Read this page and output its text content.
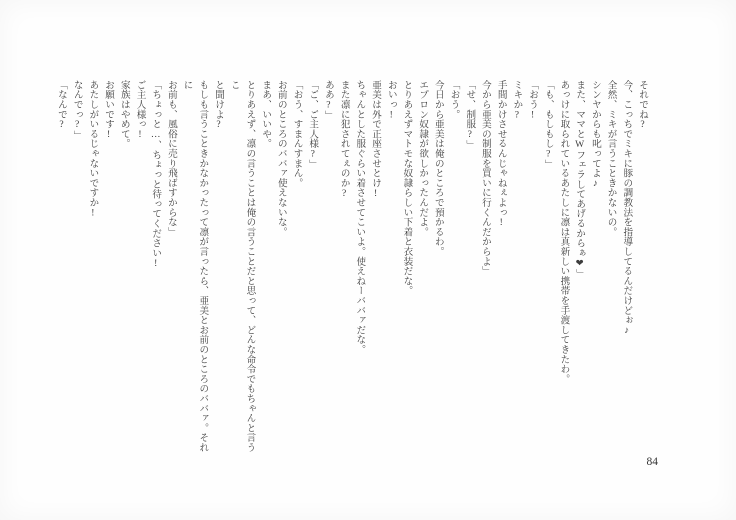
それでね?

今、こっちでミキに豚の調教法を指導してるんだけどぉ♪

全然、ミキが言うこときかないの。

シンヤからも叱ってよ♪

また、ママとWフェラしてあげるからぁ❤」

あっけに取られているあたしに凛は真新しい携帯を手渡してきたわ。

「も、もしもし?」

「おう!

ミキか?

手間かけさせるんじゃねぇよっ!

今から亜美の制服を買いに行くんだからよ」

「せ、制服?」

「おう。

今日から亜美は俺のところで預かるわ。

エプロン奴隷が欲しかったんだよ。

とりあえずマトモな奴隷らしい下着と衣装だな。

おいっ!

亜美は外で正座させとけ!

ちゃんとした服ぐらい着させてこいよ。使えねーババァだな。

また凛に犯されてぇのか?

ああ?」

「ご、ご主人様?」

「おう、すまんすまん。

お前のところのババァ使えないな。

まあ、いいや。

とりあえず、凛の言うことは俺の言うことだと思って、どんな命令でもちゃんと言うこ

と聞けよ?

もしも言うこときかなかったって凛が言ったら、亜美とお前のところのババァ。それに

お前も、風俗に売り飛ばすからな」

「ちょっと…、ちょっと待ってください!

ご主人様っ!

家族はやめて。

お願いです!

あたしがいるじゃないですか!

なんでっ?」

「なんで?

84
